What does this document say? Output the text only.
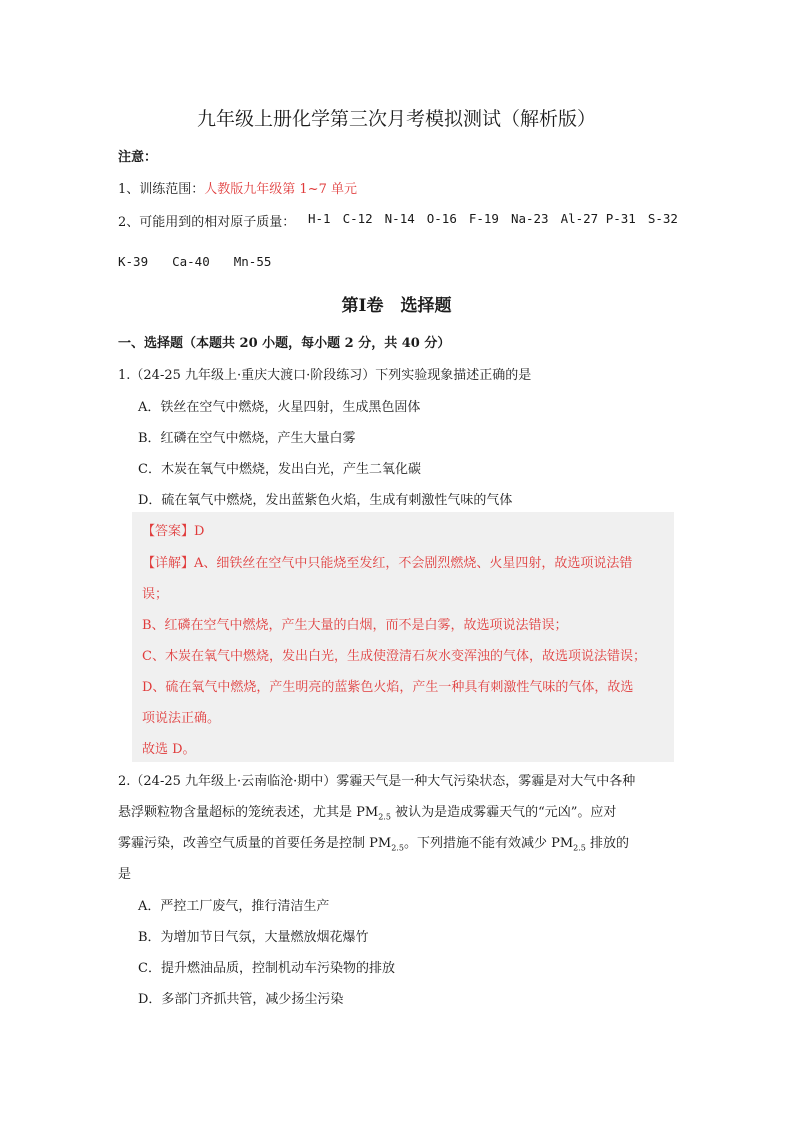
九年级上册化学第三次月考模拟测试（解析版）
注意：
1、训练范围：人教版九年级第 1~7 单元
2、可能用到的相对原子质量： H-1 C-12 N-14 O-16 F-19 Na-23 Al-27 P-31 S-32
K-39 Ca-40 Mn-55
第Ⅰ卷　选择题
一、选择题（本题共 20 小题，每小题 2 分，共 40 分）
1.（24-25 九年级上·重庆大渡口·阶段练习）下列实验现象描述正确的是
A．铁丝在空气中燃烧，火星四射，生成黑色固体
B．红磷在空气中燃烧，产生大量白雾
C．木炭在氧气中燃烧，发出白光，产生二氧化碳
D．硫在氧气中燃烧，发出蓝紫色火焰，生成有刺激性气味的气体
【答案】D
【详解】A、细铁丝在空气中只能烧至发红，不会剧烈燃烧、火星四射，故选项说法错
误；
B、红磷在空气中燃烧，产生大量的白烟，而不是白雾，故选项说法错误；
C、木炭在氧气中燃烧，发出白光，生成使澄清石灰水变浑浊的气体，故选项说法错误；
D、硫在氧气中燃烧，产生明亮的蓝紫色火焰，产生一种具有刺激性气味的气体，故选
项说法正确。
故选 D。
2.（24-25 九年级上·云南临沧·期中）雾霾天气是一种大气污染状态，雾霾是对大气中各种
悬浮颗粒物含量超标的笼统表述，尤其是 $PM_{2.5}$ 被认为是造成雾霾天气的“元凶”。应对
雾霾污染，改善空气质量的首要任务是控制 $PM_{2.5}$。下列措施不能有效减少 $PM_{2.5}$ 排放的
是
A．严控工厂废气，推行清洁生产
B．为增加节日气氛，大量燃放烟花爆竹
C．提升燃油品质，控制机动车污染物的排放
D．多部门齐抓共管，减少扬尘污染
